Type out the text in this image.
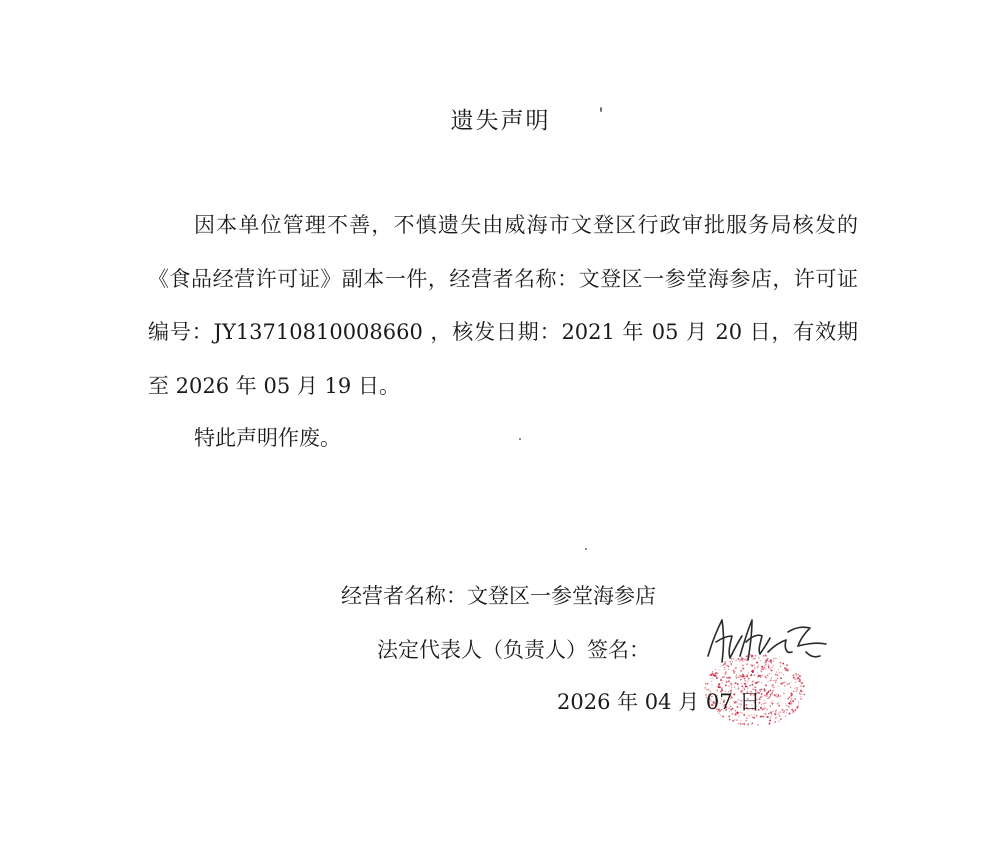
遗失声明
因本单位管理不善，不慎遗失由威海市文登区行政审批服务局核发的《食品经营许可证》副本一件，经营者名称：文登区一参堂海参店，许可证编号：JY13710810008660 ，核发日期：2021 年 05 月 20 日，有效期至 2026 年 05 月 19 日。
特此声明作废。
经营者名称：文登区一参堂海参店
法定代表人（负责人）签名：
2026 年 04 月 07 日
